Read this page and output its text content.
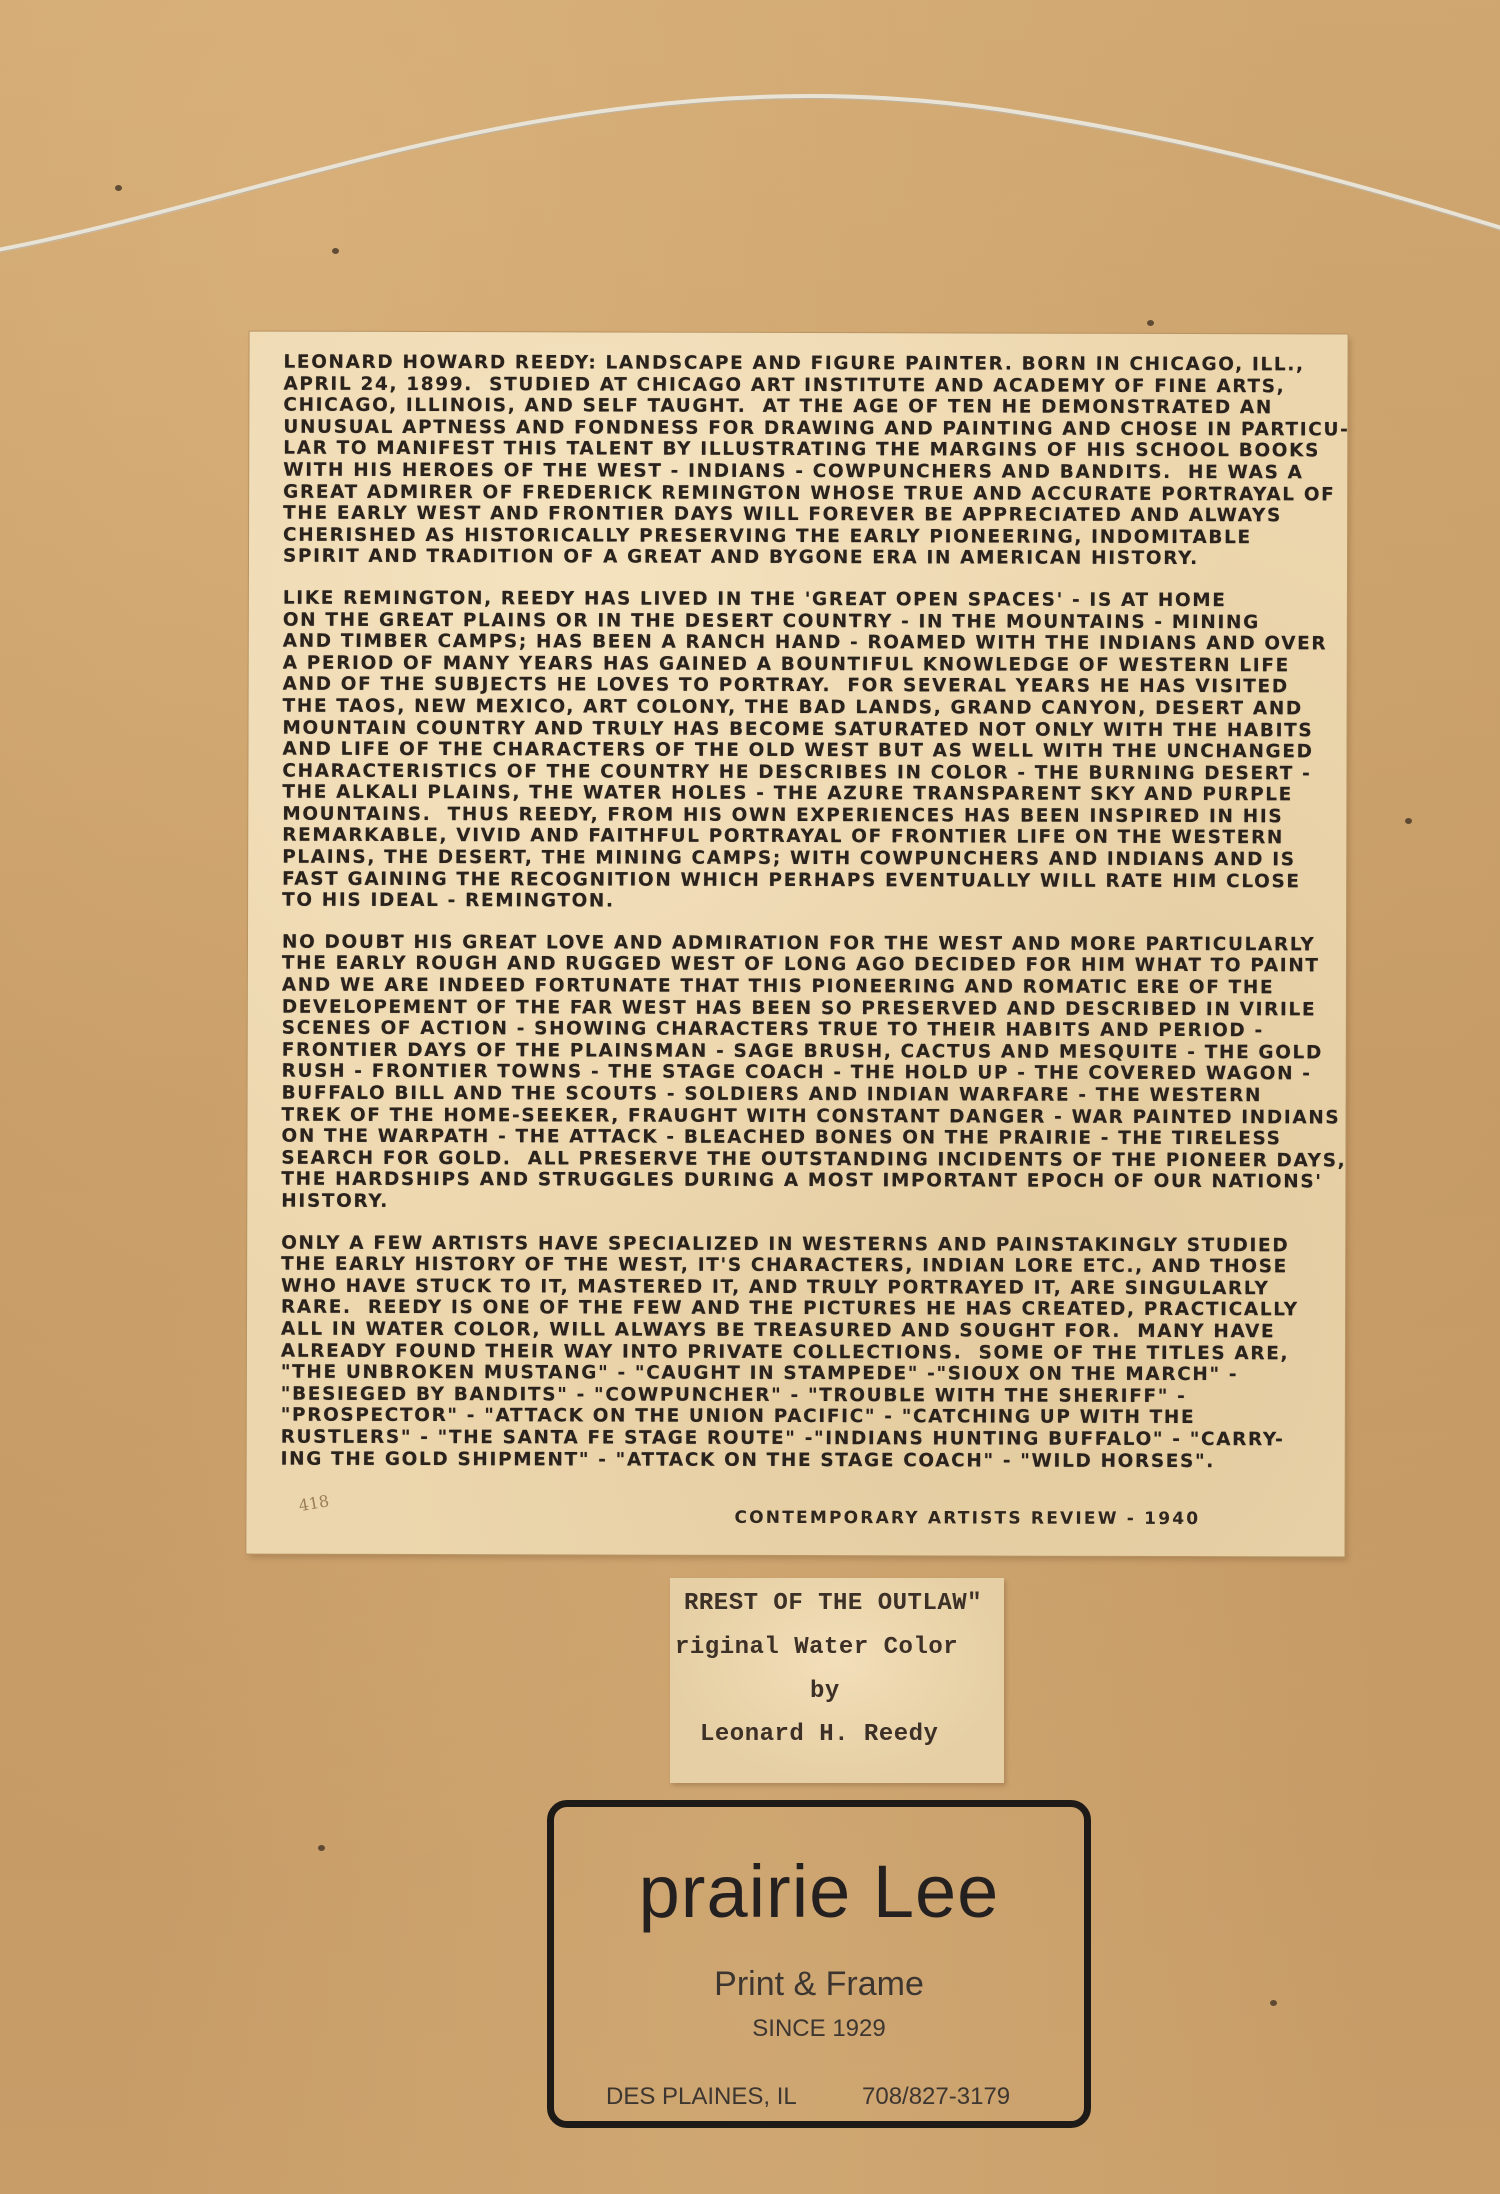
LEONARD HOWARD REEDY: LANDSCAPE AND FIGURE PAINTER. BORN IN CHICAGO, ILL.,
APRIL 24, 1899.  STUDIED AT CHICAGO ART INSTITUTE AND ACADEMY OF FINE ARTS,
CHICAGO, ILLINOIS, AND SELF TAUGHT.  AT THE AGE OF TEN HE DEMONSTRATED AN
UNUSUAL APTNESS AND FONDNESS FOR DRAWING AND PAINTING AND CHOSE IN PARTICU-
LAR TO MANIFEST THIS TALENT BY ILLUSTRATING THE MARGINS OF HIS SCHOOL BOOKS
WITH HIS HEROES OF THE WEST - INDIANS - COWPUNCHERS AND BANDITS.  HE WAS A
GREAT ADMIRER OF FREDERICK REMINGTON WHOSE TRUE AND ACCURATE PORTRAYAL OF
THE EARLY WEST AND FRONTIER DAYS WILL FOREVER BE APPRECIATED AND ALWAYS
CHERISHED AS HISTORICALLY PRESERVING THE EARLY PIONEERING, INDOMITABLE
SPIRIT AND TRADITION OF A GREAT AND BYGONE ERA IN AMERICAN HISTORY.

LIKE REMINGTON, REEDY HAS LIVED IN THE 'GREAT OPEN SPACES' - IS AT HOME
ON THE GREAT PLAINS OR IN THE DESERT COUNTRY - IN THE MOUNTAINS - MINING
AND TIMBER CAMPS; HAS BEEN A RANCH HAND - ROAMED WITH THE INDIANS AND OVER
A PERIOD OF MANY YEARS HAS GAINED A BOUNTIFUL KNOWLEDGE OF WESTERN LIFE
AND OF THE SUBJECTS HE LOVES TO PORTRAY.  FOR SEVERAL YEARS HE HAS VISITED
THE TAOS, NEW MEXICO, ART COLONY, THE BAD LANDS, GRAND CANYON, DESERT AND
MOUNTAIN COUNTRY AND TRULY HAS BECOME SATURATED NOT ONLY WITH THE HABITS
AND LIFE OF THE CHARACTERS OF THE OLD WEST BUT AS WELL WITH THE UNCHANGED
CHARACTERISTICS OF THE COUNTRY HE DESCRIBES IN COLOR - THE BURNING DESERT -
THE ALKALI PLAINS, THE WATER HOLES - THE AZURE TRANSPARENT SKY AND PURPLE
MOUNTAINS.  THUS REEDY, FROM HIS OWN EXPERIENCES HAS BEEN INSPIRED IN HIS
REMARKABLE, VIVID AND FAITHFUL PORTRAYAL OF FRONTIER LIFE ON THE WESTERN
PLAINS, THE DESERT, THE MINING CAMPS; WITH COWPUNCHERS AND INDIANS AND IS
FAST GAINING THE RECOGNITION WHICH PERHAPS EVENTUALLY WILL RATE HIM CLOSE
TO HIS IDEAL - REMINGTON.

NO DOUBT HIS GREAT LOVE AND ADMIRATION FOR THE WEST AND MORE PARTICULARLY
THE EARLY ROUGH AND RUGGED WEST OF LONG AGO DECIDED FOR HIM WHAT TO PAINT
AND WE ARE INDEED FORTUNATE THAT THIS PIONEERING AND ROMATIC ERE OF THE
DEVELOPEMENT OF THE FAR WEST HAS BEEN SO PRESERVED AND DESCRIBED IN VIRILE
SCENES OF ACTION - SHOWING CHARACTERS TRUE TO THEIR HABITS AND PERIOD -
FRONTIER DAYS OF THE PLAINSMAN - SAGE BRUSH, CACTUS AND MESQUITE - THE GOLD
RUSH - FRONTIER TOWNS - THE STAGE COACH - THE HOLD UP - THE COVERED WAGON -
BUFFALO BILL AND THE SCOUTS - SOLDIERS AND INDIAN WARFARE - THE WESTERN
TREK OF THE HOME-SEEKER, FRAUGHT WITH CONSTANT DANGER - WAR PAINTED INDIANS
ON THE WARPATH - THE ATTACK - BLEACHED BONES ON THE PRAIRIE - THE TIRELESS
SEARCH FOR GOLD.  ALL PRESERVE THE OUTSTANDING INCIDENTS OF THE PIONEER DAYS,
THE HARDSHIPS AND STRUGGLES DURING A MOST IMPORTANT EPOCH OF OUR NATIONS'
HISTORY.

ONLY A FEW ARTISTS HAVE SPECIALIZED IN WESTERNS AND PAINSTAKINGLY STUDIED
THE EARLY HISTORY OF THE WEST, IT'S CHARACTERS, INDIAN LORE ETC., AND THOSE
WHO HAVE STUCK TO IT, MASTERED IT, AND TRULY PORTRAYED IT, ARE SINGULARLY
RARE.  REEDY IS ONE OF THE FEW AND THE PICTURES HE HAS CREATED, PRACTICALLY
ALL IN WATER COLOR, WILL ALWAYS BE TREASURED AND SOUGHT FOR.  MANY HAVE
ALREADY FOUND THEIR WAY INTO PRIVATE COLLECTIONS.  SOME OF THE TITLES ARE,
"THE UNBROKEN MUSTANG" - "CAUGHT IN STAMPEDE" -"SIOUX ON THE MARCH" -
"BESIEGED BY BANDITS" - "COWPUNCHER" - "TROUBLE WITH THE SHERIFF" -
"PROSPECTOR" - "ATTACK ON THE UNION PACIFIC" - "CATCHING UP WITH THE
RUSTLERS" - "THE SANTA FE STAGE ROUTE" -"INDIANS HUNTING BUFFALO" - "CARRY-
ING THE GOLD SHIPMENT" - "ATTACK ON THE STAGE COACH" - "WILD HORSES".

418
CONTEMPORARY ARTISTS REVIEW - 1940
RREST OF THE OUTLAW"
riginal Water Color
by
Leonard H. Reedy
prairie Lee
Print & Frame
SINCE 1929
DES PLAINES, IL	708/827-3179
